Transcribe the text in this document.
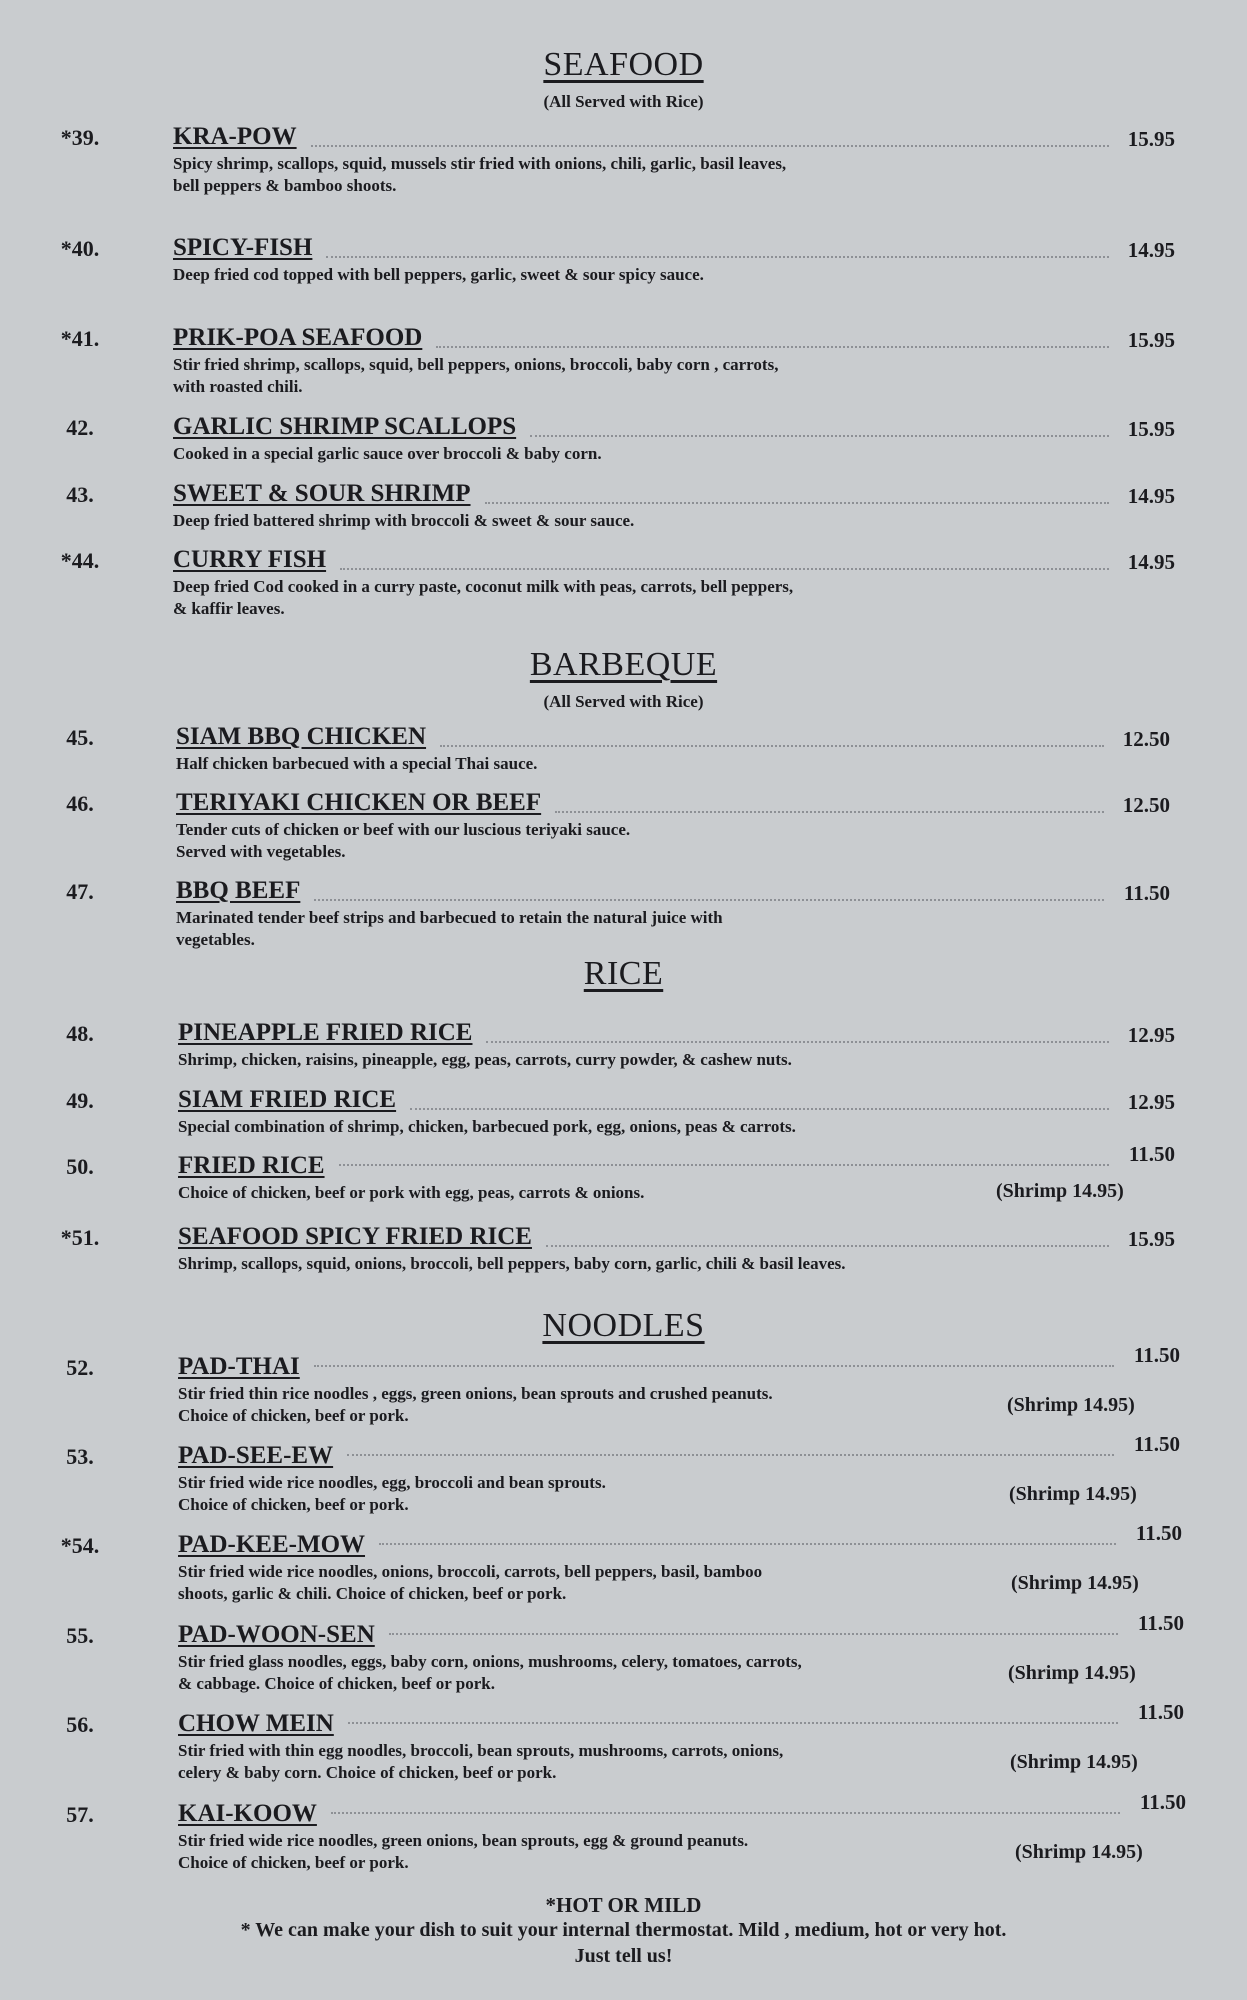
SEAFOOD
(All Served with Rice)
BARBEQUE
(All Served with Rice)
RICE
NOODLES
*39.	KRA-POW	15.95
Spicy shrimp, scallops, squid, mussels stir fried with onions, chili, garlic, basil leaves,
bell peppers & bamboo shoots.
*40.	SPICY-FISH	14.95
Deep fried cod topped with bell peppers, garlic, sweet & sour spicy sauce.
*41.	PRIK-POA SEAFOOD	15.95
Stir fried shrimp, scallops, squid, bell peppers, onions, broccoli, baby corn , carrots,
with roasted chili.
42.	GARLIC SHRIMP SCALLOPS	15.95
Cooked in a special garlic sauce over broccoli & baby corn.
43.	SWEET & SOUR SHRIMP	14.95
Deep fried battered shrimp with broccoli & sweet & sour sauce.
*44.	CURRY FISH	14.95
Deep fried Cod cooked in a curry paste, coconut milk with peas, carrots, bell peppers,
& kaffir leaves.
45.	SIAM BBQ CHICKEN	12.50
Half chicken barbecued with a special Thai sauce.
46.	TERIYAKI CHICKEN OR BEEF	12.50
Tender cuts of chicken or beef with our luscious teriyaki sauce.
Served with vegetables.
47.	BBQ BEEF	11.50
Marinated tender beef strips and barbecued to retain the natural juice with
vegetables.
48.	PINEAPPLE FRIED RICE	12.95
Shrimp, chicken, raisins, pineapple, egg, peas, carrots, curry powder, & cashew nuts.
49.	SIAM FRIED RICE	12.95
Special combination of shrimp, chicken, barbecued pork, egg, onions, peas & carrots.
50.	FRIED RICE	11.50
Choice of chicken, beef or pork with egg, peas, carrots & onions.	(Shrimp 14.95)
*51.	SEAFOOD SPICY FRIED RICE	15.95
Shrimp, scallops, squid, onions, broccoli, bell peppers, baby corn, garlic, chili & basil leaves.
52.	PAD-THAI	11.50
Stir fried thin rice noodles , eggs, green onions, bean sprouts and crushed peanuts.
Choice of chicken, beef or pork.	(Shrimp 14.95)
53.	PAD-SEE-EW	11.50
Stir fried wide rice noodles, egg, broccoli and bean sprouts.
Choice of chicken, beef or pork.	(Shrimp 14.95)
*54.	PAD-KEE-MOW	11.50
Stir fried wide rice noodles, onions, broccoli, carrots, bell peppers, basil, bamboo
shoots, garlic & chili. Choice of chicken, beef or pork.	(Shrimp 14.95)
55.	PAD-WOON-SEN	11.50
Stir fried glass noodles, eggs, baby corn, onions, mushrooms, celery, tomatoes, carrots,
& cabbage. Choice of chicken, beef or pork.	(Shrimp 14.95)
56.	CHOW MEIN	11.50
Stir fried with thin egg noodles, broccoli, bean sprouts, mushrooms, carrots, onions,
celery & baby corn. Choice of chicken, beef or pork.	(Shrimp 14.95)
57.	KAI-KOOW	11.50
Stir fried wide rice noodles, green onions, bean sprouts, egg & ground peanuts.
Choice of chicken, beef or pork.	(Shrimp 14.95)
*HOT OR MILD
* We can make your dish to suit your internal thermostat. Mild , medium, hot or very hot.
Just tell us!
